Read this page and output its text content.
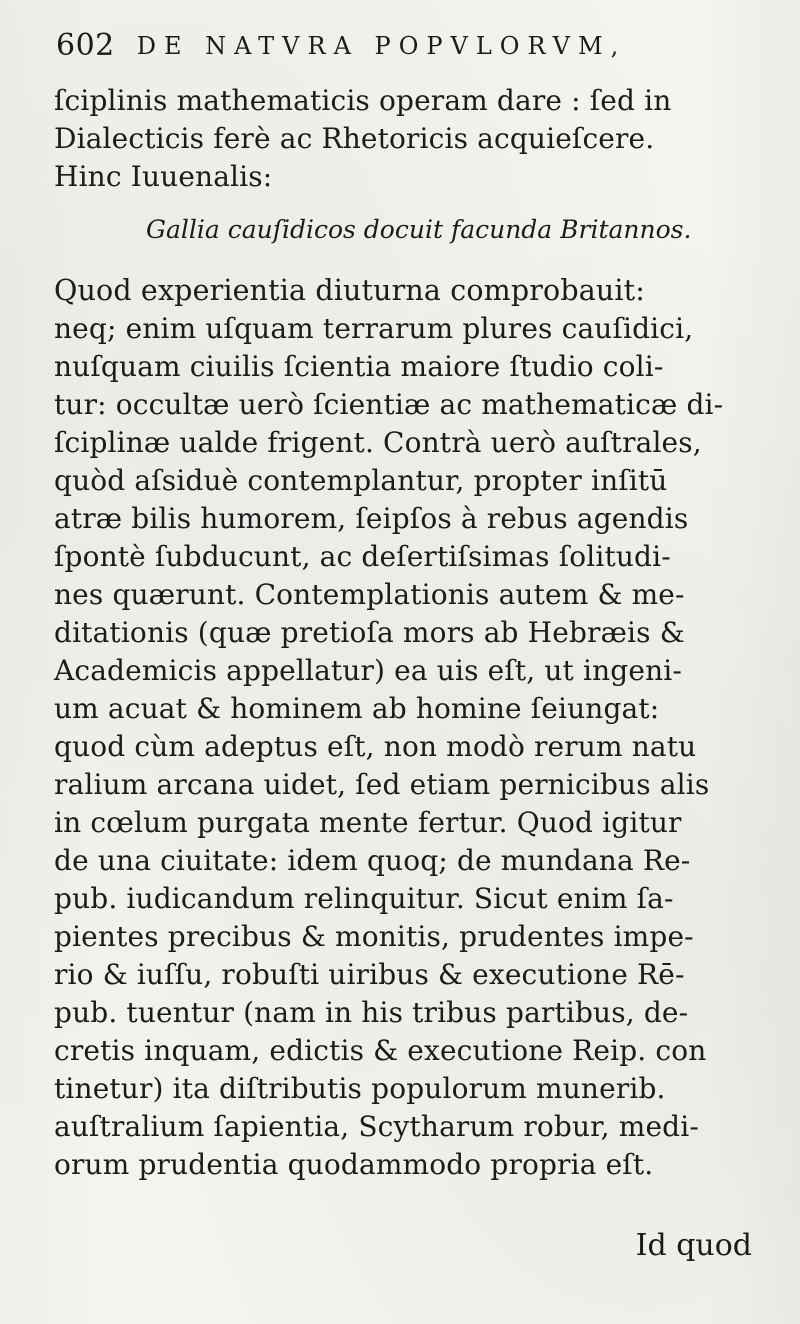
602 DE NATVRA POPVLORVM,
ſciplinis mathematicis operam dare : ſed in
Dialecticis ferè ac Rhetoricis acquieſcere.
Hinc Iuuenalis:
Gallia cauſidicos docuit facunda Britannos.
Quod experientia diuturna comprobauit:
neq; enim uſquam terrarum plures cauſidici,
nuſquam ciuilis ſcientia maiore ſtudio coli-
tur: occultæ uerò ſcientiæ ac mathematicæ di-
ſciplinæ ualde frigent. Contrà uerò auſtrales,
quòd aſsiduè contemplantur, propter inſitū
atræ bilis humorem, ſeipſos à rebus agendis
ſpontè ſubducunt, ac deſertiſsimas ſolitudi-
nes quærunt. Contemplationis autem & me-
ditationis (quæ pretioſa mors ab Hebræis &
Academicis appellatur) ea uis eſt, ut ingeni-
um acuat & hominem ab homine ſeiungat:
quod cùm adeptus eſt, non modò rerum natu
ralium arcana uidet, ſed etiam pernicibus alis
in cœlum purgata mente fertur. Quod igitur
de una ciuitate: idem quoq; de mundana Re-
pub. iudicandum relinquitur. Sicut enim ſa-
pientes precibus & monitis, prudentes impe-
rio & iuſſu, robuſti uiribus & executione Rē-
pub. tuentur (nam in his tribus partibus, de-
cretis inquam, edictis & executione Reip. con
tinetur) ita diſtributis populorum munerib.
auſtralium ſapientia, Scytharum robur, medi-
orum prudentia quodammodo propria eſt.
Id quod
